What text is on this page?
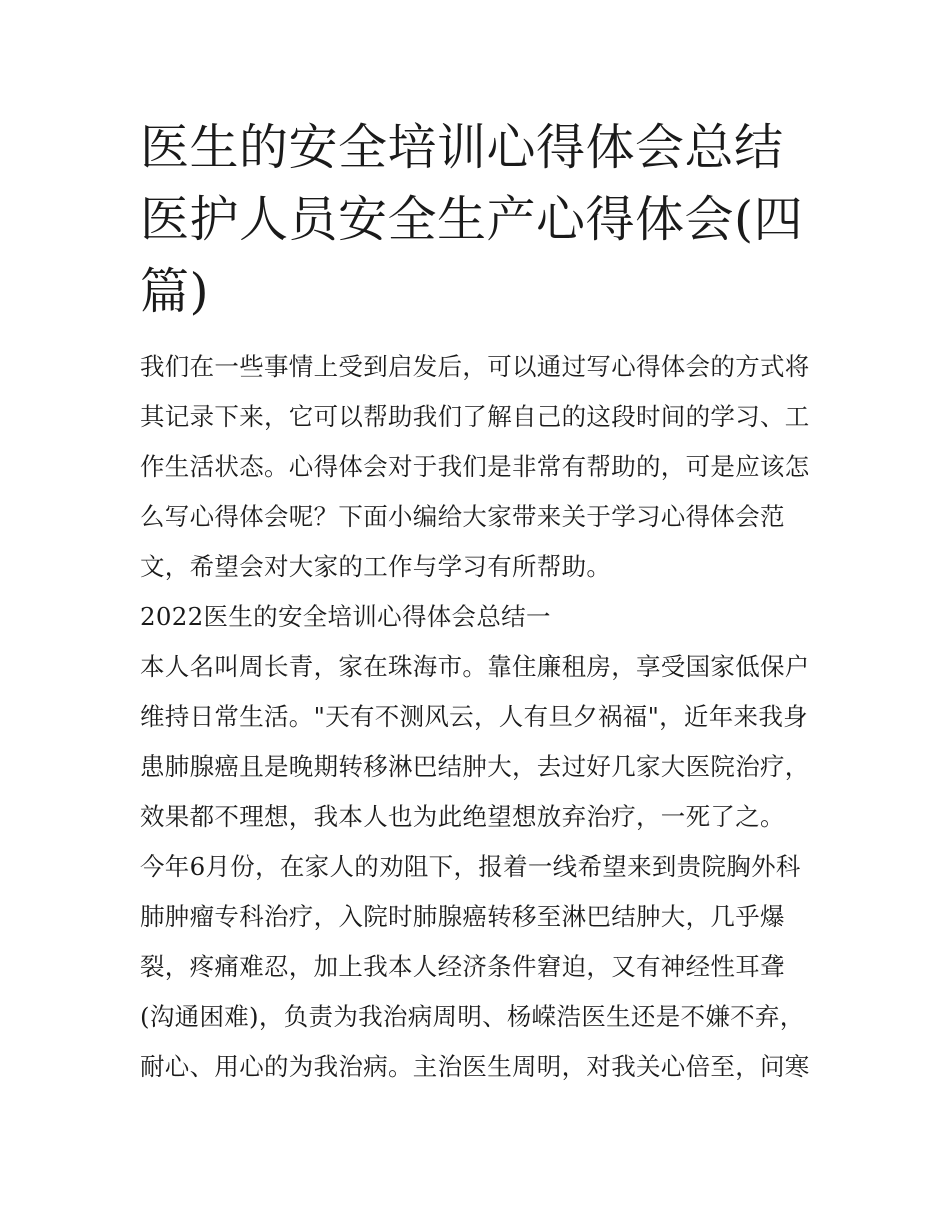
医生的安全培训心得体会总结医护人员安全生产心得体会(四篇)

我们在一些事情上受到启发后，可以通过写心得体会的方式将其记录下来，它可以帮助我们了解自己的这段时间的学习、工作生活状态。心得体会对于我们是非常有帮助的，可是应该怎么写心得体会呢？下面小编给大家带来关于学习心得体会范文，希望会对大家的工作与学习有所帮助。

2022医生的安全培训心得体会总结一

本人名叫周长青，家在珠海市。靠住廉租房，享受国家低保户维持日常生活。"天有不测风云，人有旦夕祸福"，近年来我身患肺腺癌且是晚期转移淋巴结肿大，去过好几家大医院治疗，效果都不理想，我本人也为此绝望想放弃治疗，一死了之。

今年6月份，在家人的劝阻下，报着一线希望来到贵院胸外科肺肿瘤专科治疗，入院时肺腺癌转移至淋巴结肿大，几乎爆裂，疼痛难忍，加上我本人经济条件窘迫，又有神经性耳聋(沟通困难)，负责为我治病周明、杨嵘浩医生还是不嫌不弃，耐心、用心的为我治病。主治医生周明，对我关心倍至，问寒
